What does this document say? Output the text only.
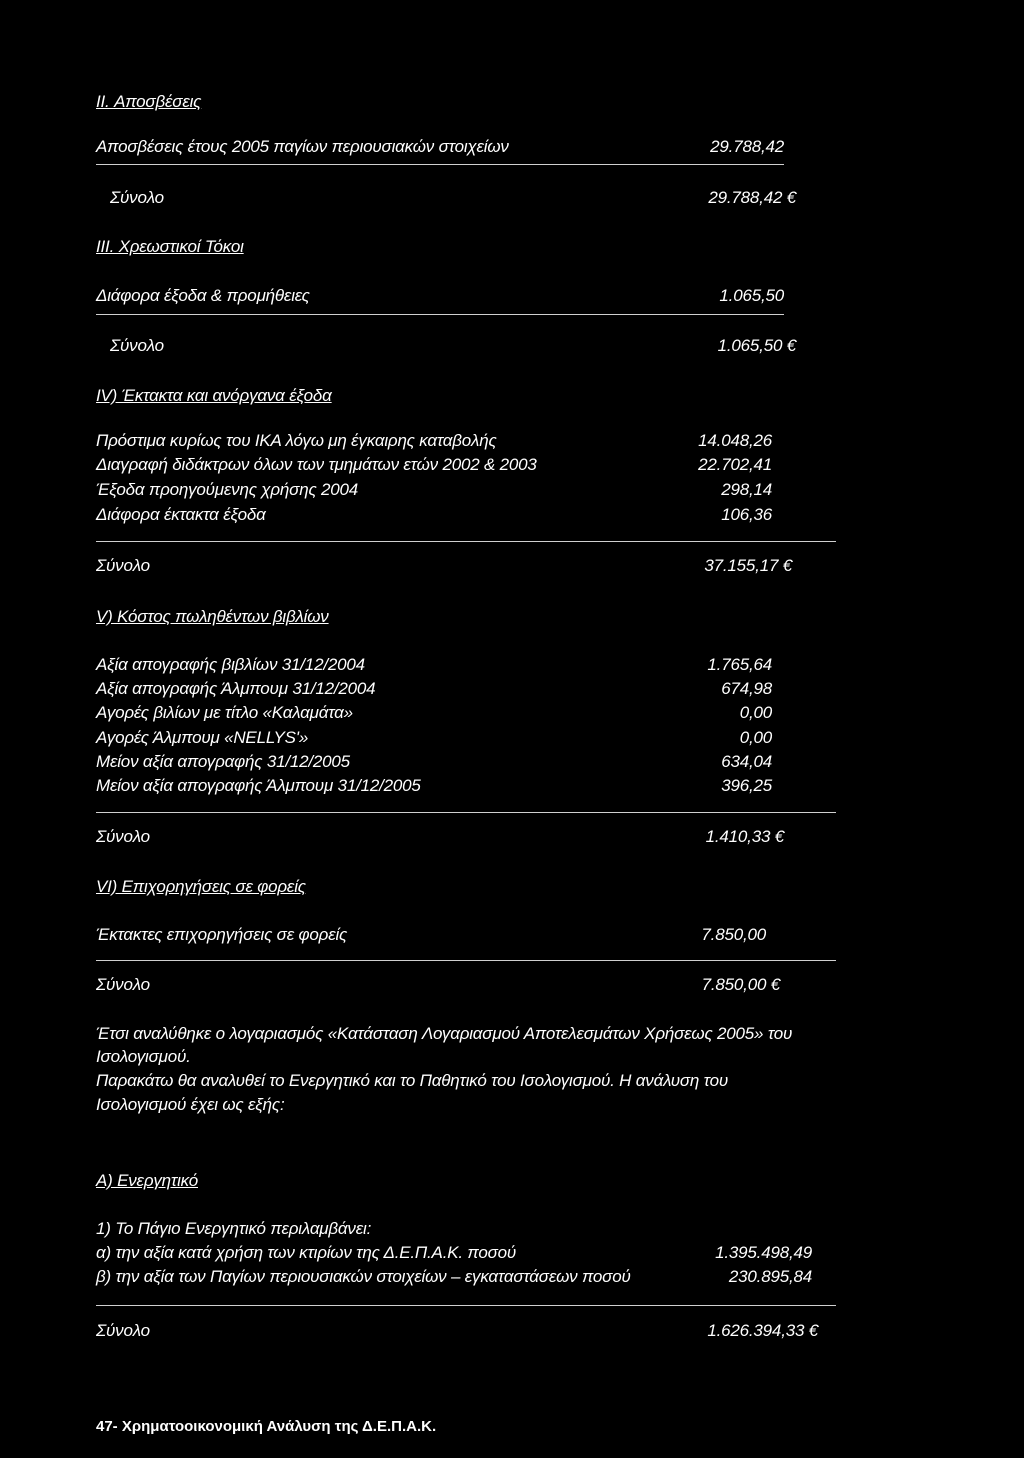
II. Αποσβέσεις
Αποσβέσεις έτους 2005 παγίων περιουσιακών στοιχείων	29.788,42
Σύνολο	29.788,42 €
III. Χρεωστικοί Τόκοι
Διάφορα έξοδα & προμήθειες	1.065,50
Σύνολο	1.065,50 €
IV) Έκτακτα και ανόργανα έξοδα
Πρόστιμα κυρίως του ΙΚΑ λόγω μη έγκαιρης καταβολής	14.048,26
Διαγραφή διδάκτρων όλων των τμημάτων ετών 2002 & 2003	22.702,41
Έξοδα προηγούμενης χρήσης 2004	298,14
Διάφορα έκτακτα έξοδα	106,36
Σύνολο	37.155,17 €
V) Κόστος πωληθέντων βιβλίων
Αξία απογραφής βιβλίων 31/12/2004	1.765,64
Αξία απογραφής Άλμπουμ 31/12/2004	674,98
Αγορές βιλίων με τίτλο «Καλαμάτα»	0,00
Αγορές Άλμπουμ «NELLYS'»	0,00
Μείον αξία απογραφής 31/12/2005	634,04
Μείον αξία απογραφής Άλμπουμ 31/12/2005	396,25
Σύνολο	1.410,33 €
VI) Επιχορηγήσεις σε φορείς
Έκτακτες επιχορηγήσεις σε φορείς	7.850,00
Σύνολο	7.850,00 €
Έτσι αναλύθηκε ο λογαριασμός «Κατάσταση Λογαριασμού Αποτελεσμάτων Χρήσεως 2005» του
Ισολογισμού.
Παρακάτω θα αναλυθεί το Ενεργητικό και το Παθητικό του Ισολογισμού. Η ανάλυση του
Ισολογισμού έχει ως εξής:
Α) Ενεργητικό
1) Το Πάγιο Ενεργητικό περιλαμβάνει:
α) την αξία κατά χρήση των κτιρίων της Δ.Ε.Π.Α.Κ. ποσού	1.395.498,49
β) την αξία των Παγίων περιουσιακών στοιχείων – εγκαταστάσεων ποσού	230.895,84
Σύνολο	1.626.394,33 €
47- Χρηματοοικονομική Ανάλυση της Δ.Ε.Π.Α.Κ.
